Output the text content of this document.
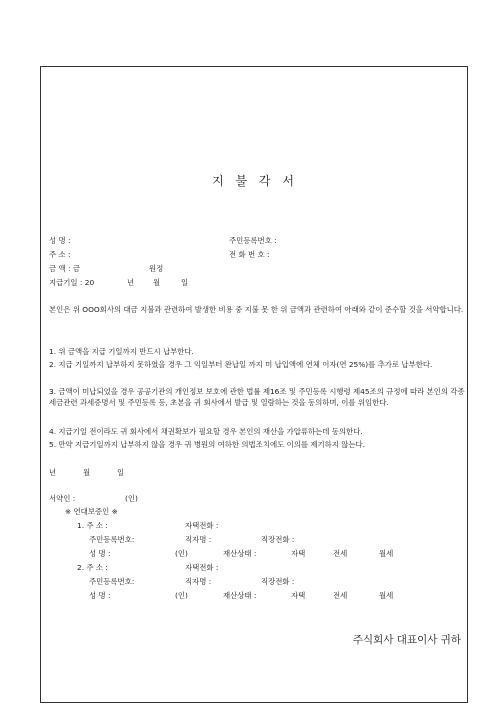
지 불 각 서
성 명 :	주민등록번호 :
주 소 :	전 화 번 호 :
금 액 : 금	원정
지급기일 : 20	년	월	일
본인은 위 OOO회사의 대금 지불과 관련하여 발생한 비용 중 지불 못 한 위 금액과 관련하여 아래와 같이 준수할 것을 서약합니다.
1. 위 금액을 지급 기일까지 반드시 납부한다.
2. 지급 기일까지 납부하지 못하였을 경우 그 익일부터 완납일 까지 미 납입액에 연체 이자(연 25%)를 추가로 납부한다.
3. 금액이 미납되었을 경우 공공기관의 개인정보 보호에 관한 법률 제16조 및 주민등록 시행령 제45조의 규정에 따라 본인의 각종 세금관련 과세증명서 및 주민등록 등, 초본을 귀 회사에서 발급 및 열람하는 것을 동의하며, 이를 위임한다.
4. 지급기일 전이라도 귀 회사에서 채권확보가 필요할 경우 본인의 재산을 가압류하는데 동의한다.
5. 만약 지급기일까지 납부하지 않을 경우 귀 병원의 여하한 의법조치에도 이의를 제기하지 않는다.
년	월	일
서약인 :	(인)
※ 연대보증인 ※
1. 주 소 :	자택전화 :
주민등록번호:	직자명 :	직장전화 :
성 명 :	(인)	재산상태 :	자택	전세	월세
2. 주 소 :	자택전화 :
주민등록번호:	직자명 :	직장전화 :
성 명 :	(인)	재산상태 :	자택	전세	월세
주식회사 대표이사 귀하
